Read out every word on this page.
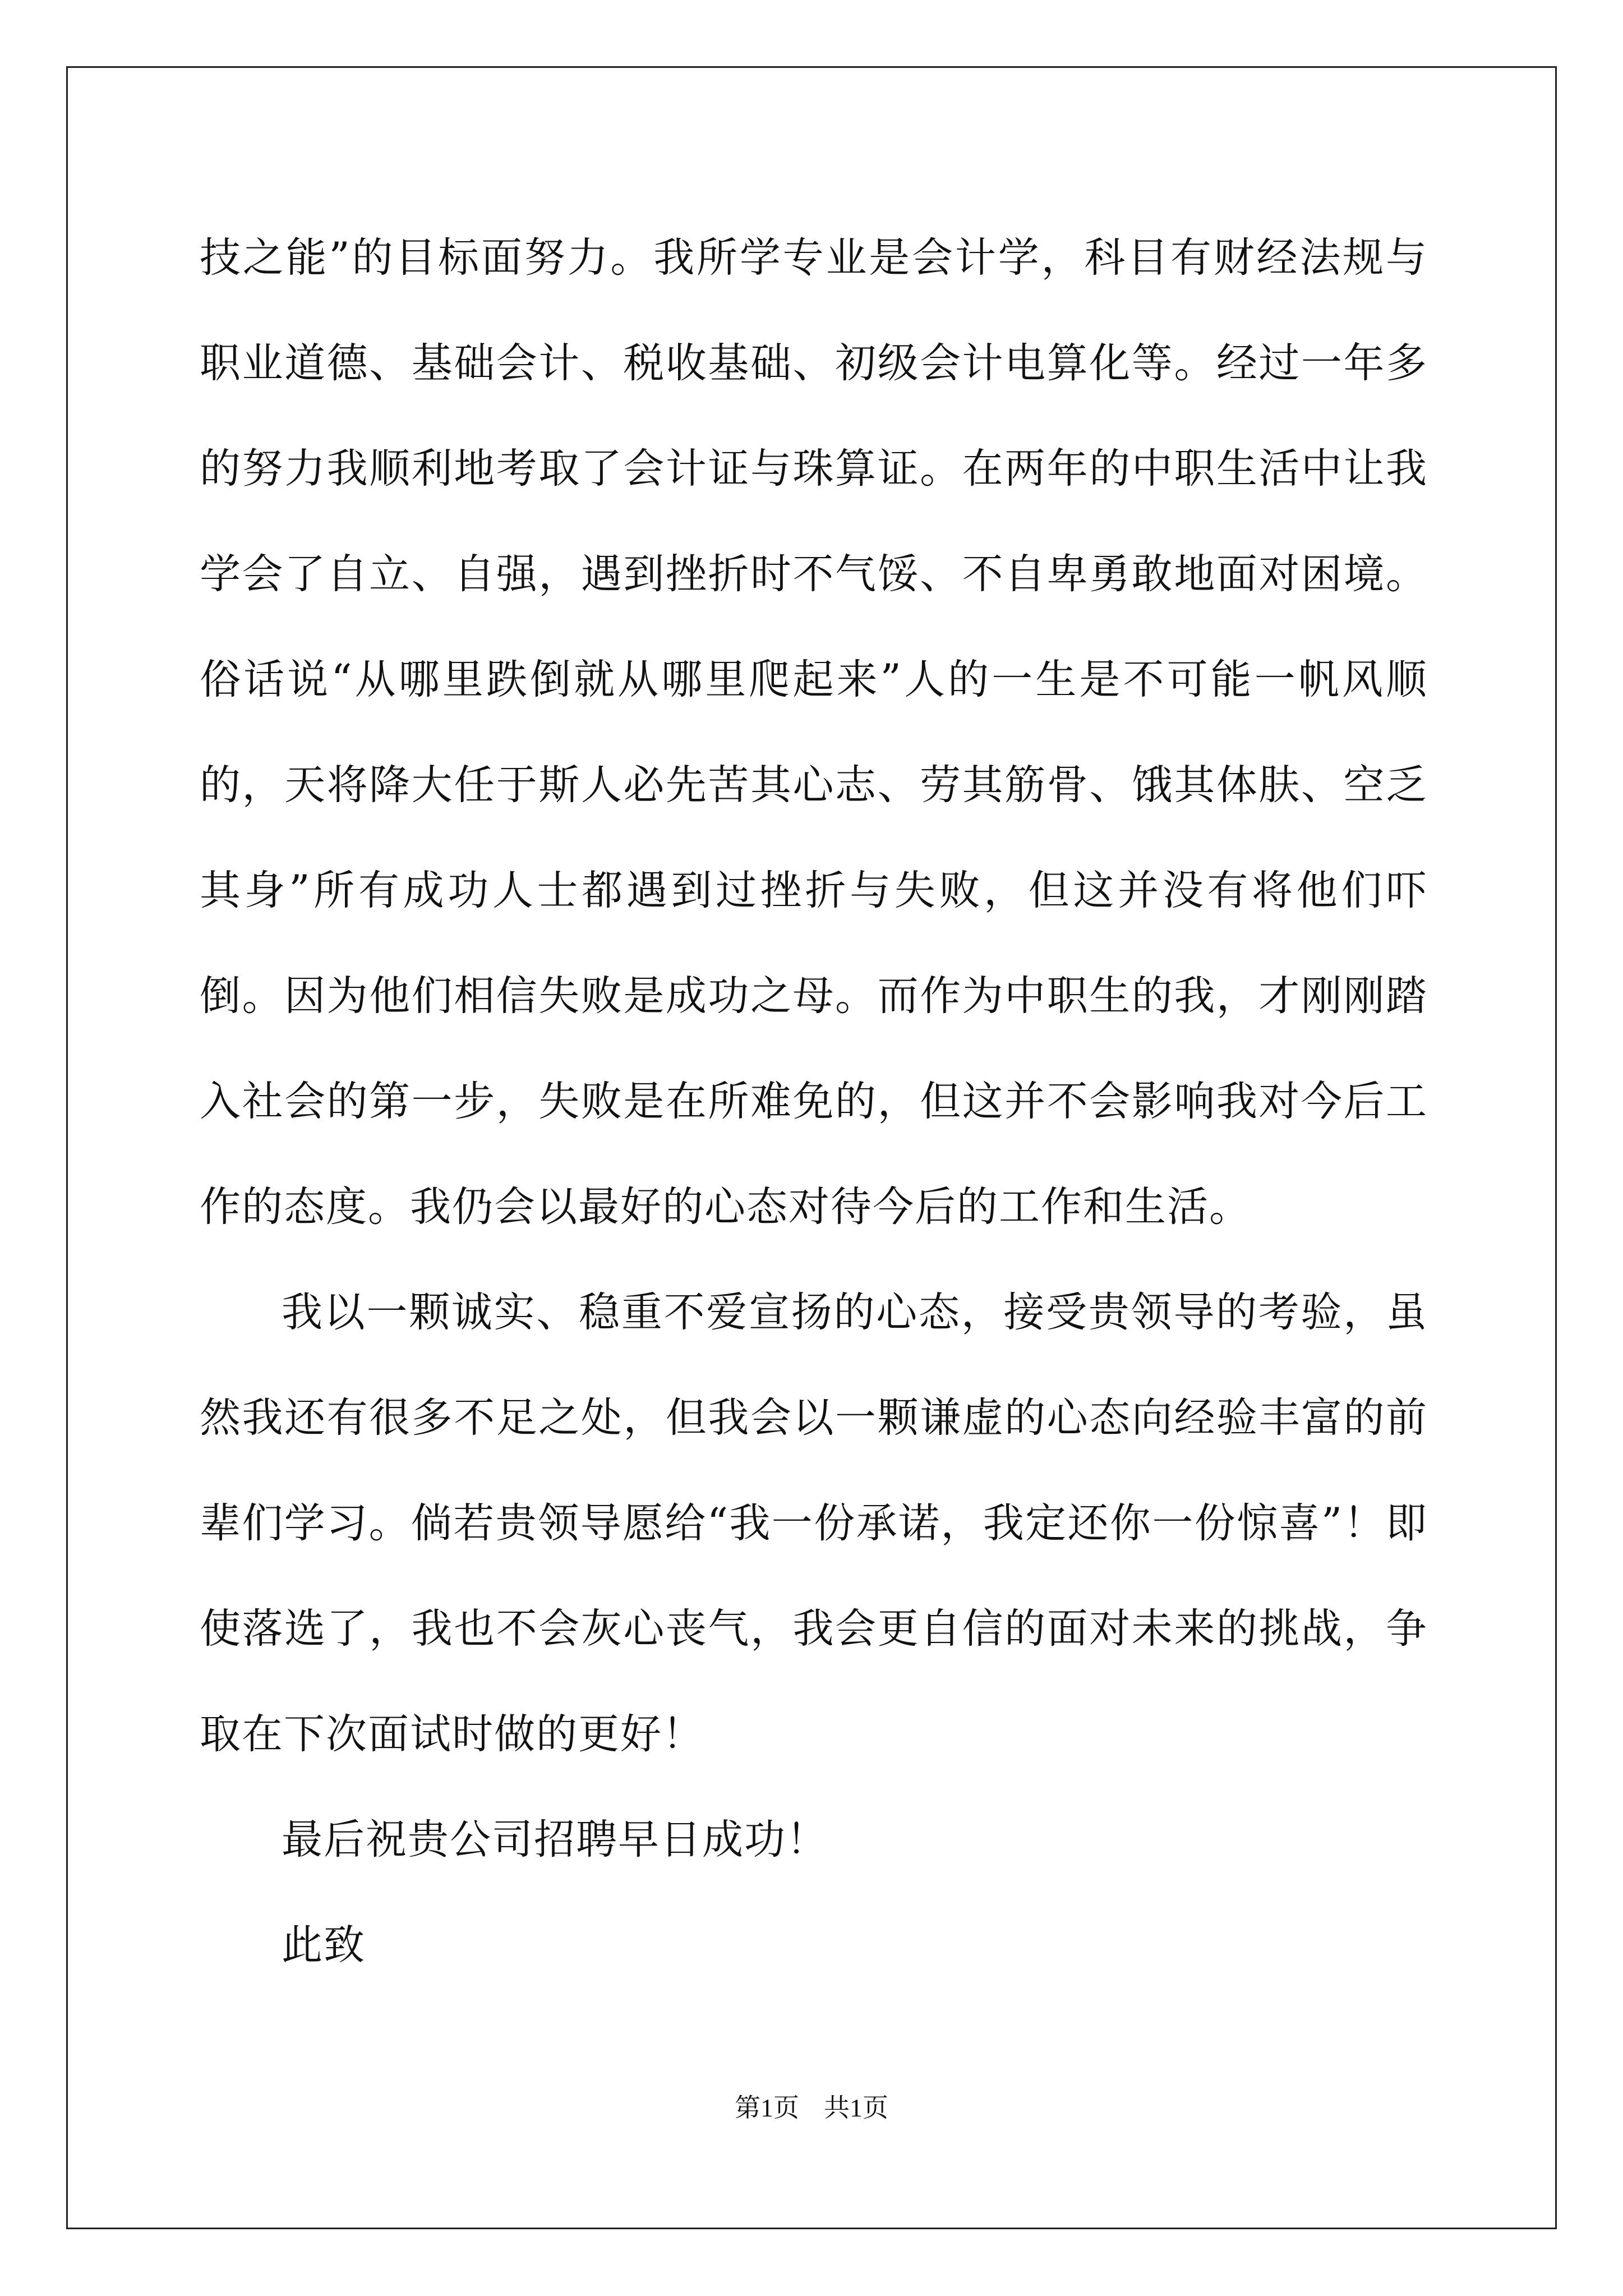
技之能”的目标面努力。我所学专业是会计学，科目有财经法规与职业道德、基础会计、税收基础、初级会计电算化等。经过一年多的努力我顺利地考取了会计证与珠算证。在两年的中职生活中让我学会了自立、自强，遇到挫折时不气馁、不自卑勇敢地面对困境。俗话说“从哪里跌倒就从哪里爬起来”人的一生是不可能一帆风顺的，天将降大任于斯人必先苦其心志、劳其筋骨、饿其体肤、空乏其身”所有成功人士都遇到过挫折与失败，但这并没有将他们吓倒。因为他们相信失败是成功之母。而作为中职生的我，才刚刚踏入社会的第一步，失败是在所难免的，但这并不会影响我对今后工作的态度。我仍会以最好的心态对待今后的工作和生活。

我以一颗诚实、稳重不爱宣扬的心态，接受贵领导的考验，虽然我还有很多不足之处，但我会以一颗谦虚的心态向经验丰富的前辈们学习。倘若贵领导愿给“我一份承诺，我定还你一份惊喜”！即使落选了，我也不会灰心丧气，我会更自信的面对未来的挑战，争取在下次面试时做的更好！

最后祝贵公司招聘早日成功！

此致

第1页 共1页
